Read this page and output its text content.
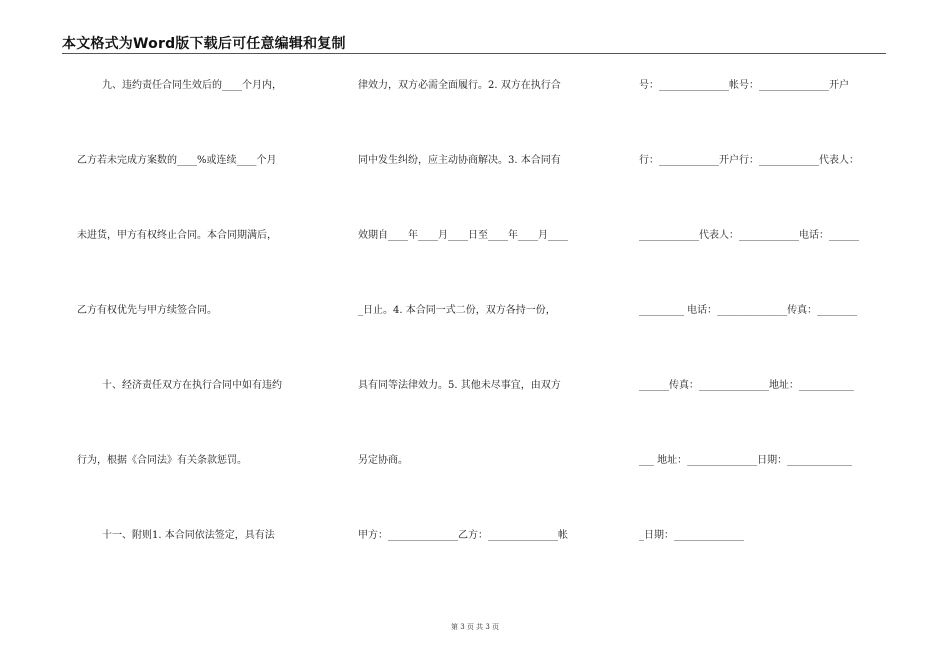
本文格式为Word版下载后可任意编辑和复制
九、违约责任合同生效后的____个月内，
乙方若未完成方案数的____%或连续____个月
未进货，甲方有权终止合同。本合同期满后，
乙方有权优先与甲方续签合同。
十、经济责任双方在执行合同中如有违约
行为，根据《合同法》有关条款惩罚。
十一、附则1. 本合同依法签定，具有法
律效力，双方必需全面履行。2. 双方在执行合
同中发生纠纷，应主动协商解决。3. 本合同有
效期自____年____月____日至____年____月____
_日止。4. 本合同一式二份，双方各持一份，
具有同等法律效力。5. 其他未尽事宜，由双方
另定协商。
甲方：______________乙方：______________帐
号：______________帐号：______________开户
行：____________开户行：____________代表人：
____________代表人：____________电话：______
_________ 电话：______________传真：________
______传真：______________地址：___________
___ 地址：______________日期：_____________
_日期：______________
第 3 页 共 3 页
